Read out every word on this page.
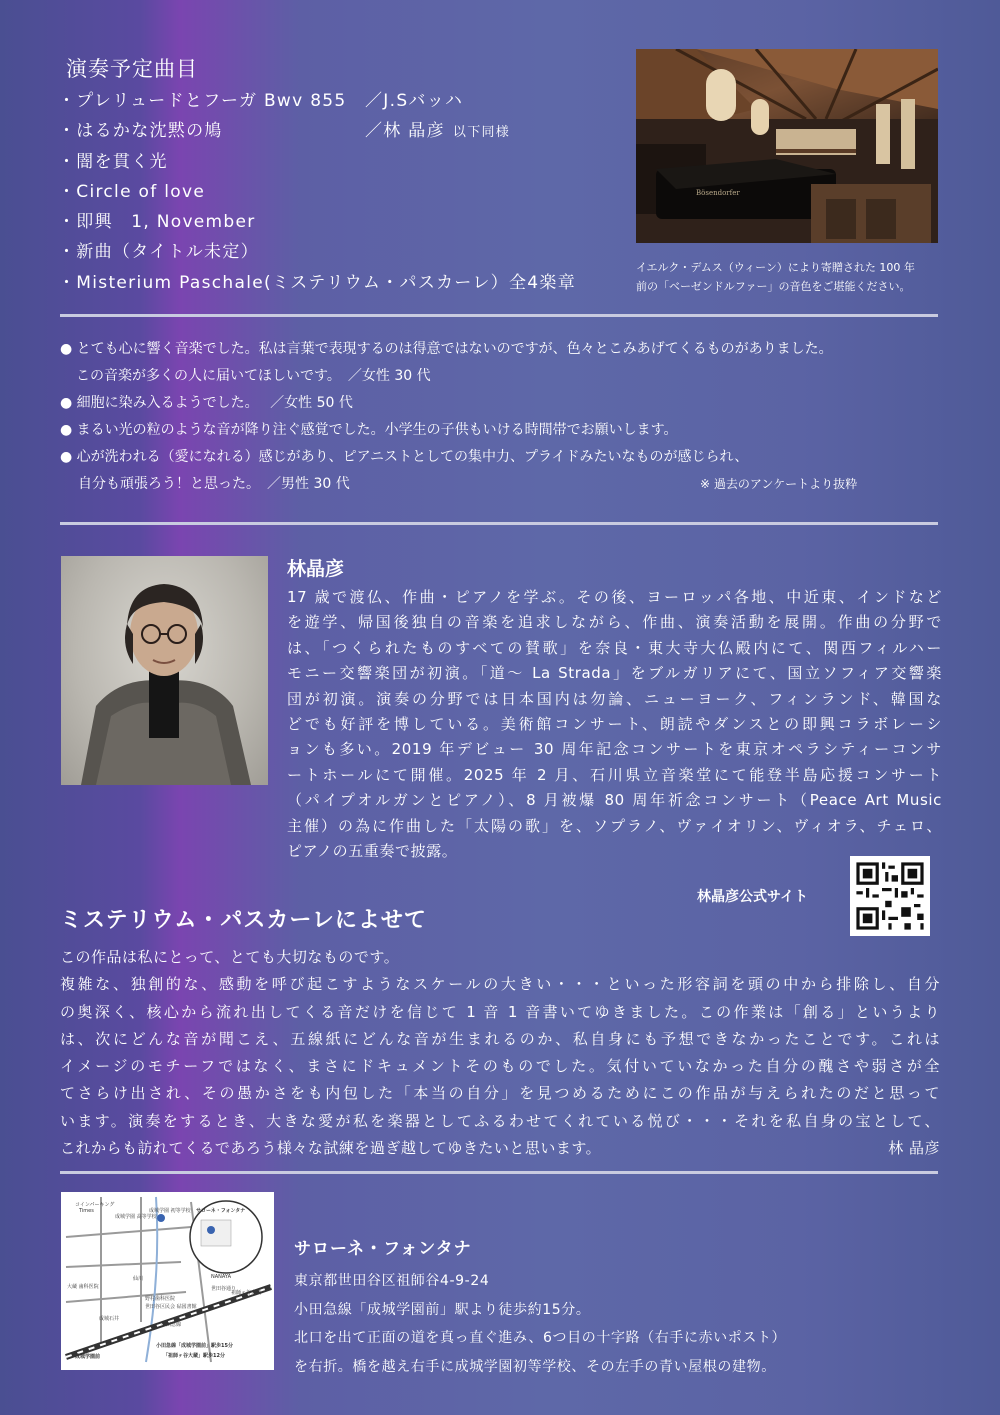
演奏予定曲目
・プレリュードとフーガ Bwv 855 ／J.Sバッハ
・はるかな沈黙の鳩	／林 晶彦 以下同様
・闇を貫く光
・Circle of love
・即興　1, November
・新曲（タイトル未定）
・Misterium Paschale(ミステリウム・パスカーレ）全4楽章
Bösendorfer
イエルク・デムス（ウィーン）により寄贈された 100 年
前の「ベーゼンドルファー」の音色をご堪能ください。
● とても心に響く音楽でした。私は言葉で表現するのは得意ではないのですが、色々とこみあげてくるものがありました。
この音楽が多くの人に届いてほしいです。　／女性 30 代
● 細胞に染み入るようでした。　 ／女性 50 代
● まるい光の粒のような音が降り注ぐ感覚でした。小学生の子供もいける時間帯でお願いします。
● 心が洗われる（愛になれる）感じがあり、ピアニストとしての集中力、プライドみたいなものが感じられ、
自分も頑張ろう！と思った。　／男性 30 代	※ 過去のアンケートより抜粋
林晶彦
17 歳で渡仏、作曲・ピアノを学ぶ。その後、ヨーロッパ各地、中近東、インドなど
を遊学、帰国後独自の音楽を追求しながら、作曲、演奏活動を展開。作曲の分野で
は、「つくられたものすべての賛歌」を奈良・東大寺大仏殿内にて、関西フィルハー
モニー交響楽団が初演。「道～ La Strada」をブルガリアにて、国立ソフィア交響楽
団が初演。演奏の分野では日本国内は勿論、ニューヨーク、フィンランド、韓国な
どでも好評を博している。美術館コンサート、朗読やダンスとの即興コラボレーシ
ョンも多い。2019 年デビュー 30 周年記念コンサートを東京オペラシティーコンサ
ートホールにて開催。2025 年 2 月、石川県立音楽堂にて能登半島応援コンサート
（パイプオルガンとピアノ）、8 月被爆 80 周年祈念コンサート（Peace Art Music
主催）の為に作曲した「太陽の歌」を、ソプラノ、ヴァイオリン、ヴィオラ、チェロ、
ピアノの五重奏で披露。
林晶彦公式サイト
ミステリウム・パスカーレによせて
この作品は私にとって、とても大切なものです。
複雑な、独創的な、感動を呼び起こすようなスケールの大きい・・・といった形容詞を頭の中から排除し、自分
の奥深く、核心から流れ出してくる音だけを信じて 1 音 1 音書いてゆきました。この作業は「創る」というより
は、次にどんな音が聞こえ、五線紙にどんな音が生まれるのか、私自身にも予想できなかったことです。これは
イメージのモチーフではなく、まさにドキュメントそのものでした。気付いていなかった自分の醜さや弱さが全
てさらけ出され、その愚かさをも内包した「本当の自分」を見つめるためにこの作品が与えられたのだと思って
います。演奏をするとき、大きな愛が私を楽器としてふるわせてくれている悦び・・・それを私自身の宝として、
これからも訪れてくるであろう様々な試練を過ぎ越してゆきたいと思います。	林 晶彦
コインパーキング
Times
成城学園 高等学校
成城学園 初等学校 サローネ・フォンタナ
仙川	NANAYA
大蔵 歯科医院
野村歯科医院
世田谷区民会 砧図書館
成城石井
小田急線
世田谷通り
成城学園前
祖師ヶ谷大蔵
小田急線「成城学園前」駅歩15分
「祖師ヶ谷大蔵」駅歩12分
サローネ・フォンタナ
東京都世田谷区祖師谷4-9-24
小田急線「成城学園前」駅より徒歩約15分。
北口を出て正面の道を真っ直ぐ進み、6つ目の十字路（右手に赤いポスト）
を右折。橋を越え右手に成城学園初等学校、その左手の青い屋根の建物。
